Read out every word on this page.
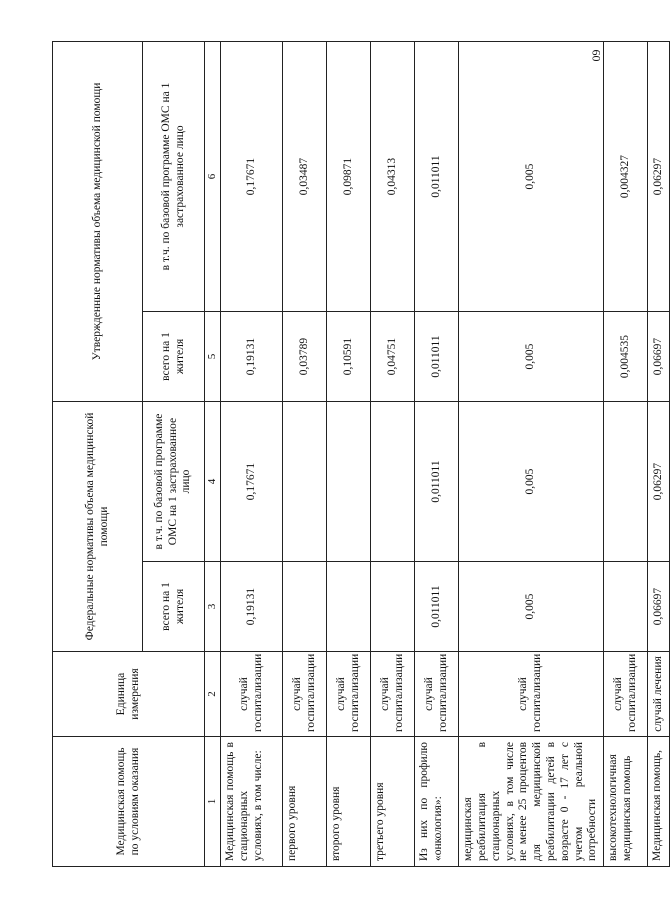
60
Медицинская помощь по условиям оказания	Единица измерения	Федеральные нормативы объема медицинской помощи		Утвержденные нормативы объема медицинской помощи	
		всего на 1 жителя	в т.ч. по базовой программе ОМС на 1 застрахованное лицо	всего на 1 жителя	в т.ч. по базовой программе ОМС на 1 застрахованное лицо
1	2	3	4	5	6
Медицинская помощь в стационарных условиях, в том числе:	случай госпитализации	0,19131	0,17671	0,19131	0,17671
первого уровня	случай госпитализации			0,03789	0,03487
второго уровня	случай госпитализации			0,10591	0,09871
третьего уровня	случай госпитализации			0,04751	0,04313
Из них по профилю «онкология»:	случай госпитализации	0,011011	0,011011	0,011011	0,011011
медицинская реабилитация в стационарных условиях, в том числе не менее 25 процентов для медицинской реабилитации детей в возрасте 0 - 17 лет с учетом реальной потребности	случай госпитализации	0,005	0,005	0,005	0,005
высокотехнологичная медицинская помощь	случай госпитализации			0,004535	0,004327
Медицинская помощь,	случай лечения	0,06697	0,06297	0,06697	0,06297
